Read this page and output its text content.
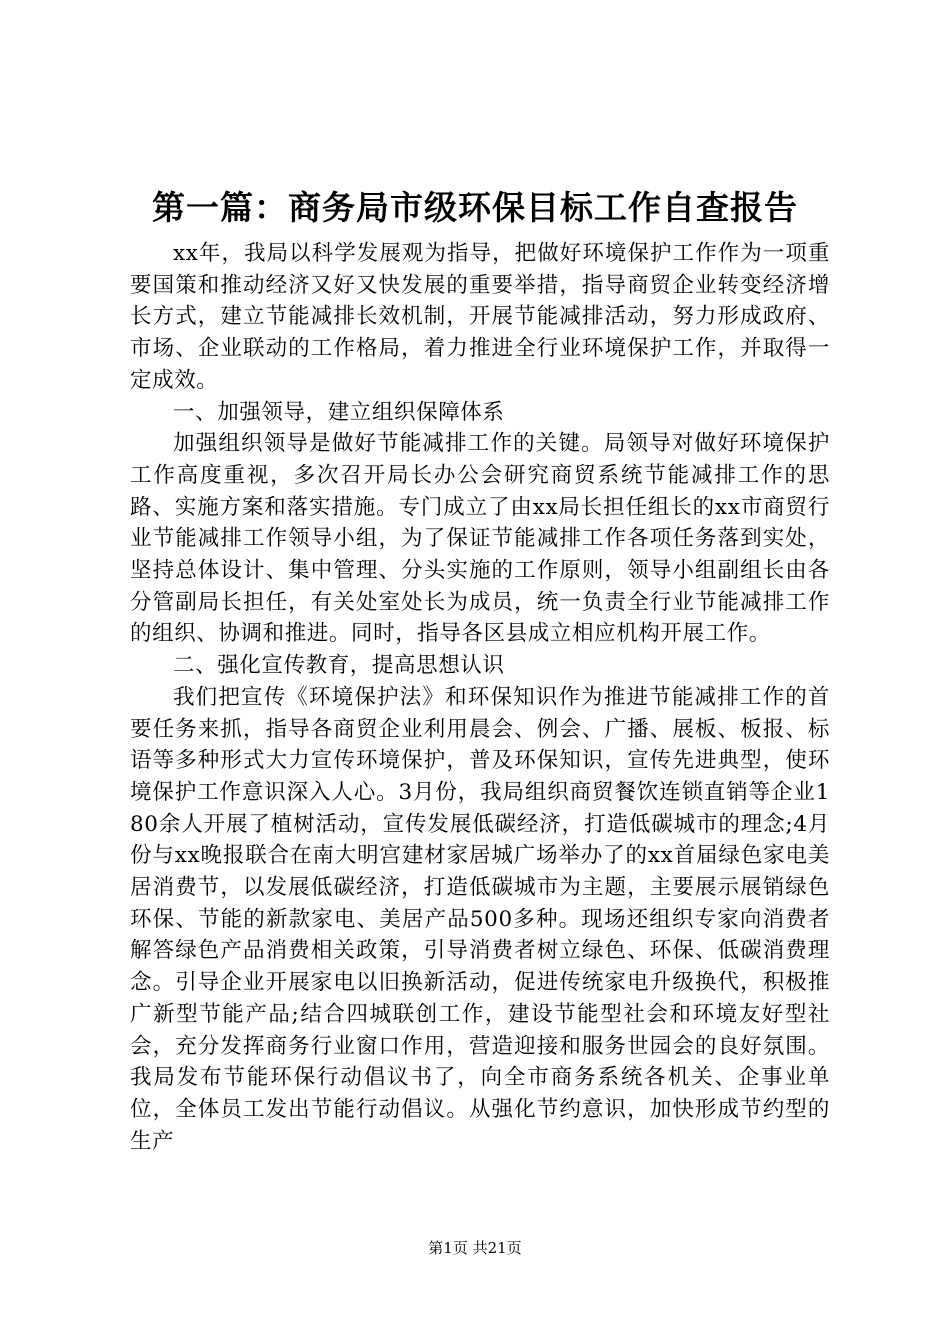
第一篇：商务局市级环保目标工作自查报告

xx年，我局以科学发展观为指导，把做好环境保护工作作为一项重要国策和推动经济又好又快发展的重要举措，指导商贸企业转变经济增长方式，建立节能减排长效机制，开展节能减排活动，努力形成政府、市场、企业联动的工作格局，着力推进全行业环境保护工作，并取得一定成效。

一、加强领导，建立组织保障体系

加强组织领导是做好节能减排工作的关键。局领导对做好环境保护工作高度重视，多次召开局长办公会研究商贸系统节能减排工作的思路、实施方案和落实措施。专门成立了由xx局长担任组长的xx市商贸行业节能减排工作领导小组，为了保证节能减排工作各项任务落到实处，坚持总体设计、集中管理、分头实施的工作原则，领导小组副组长由各分管副局长担任，有关处室处长为成员，统一负责全行业节能减排工作的组织、协调和推进。同时，指导各区县成立相应机构开展工作。

二、强化宣传教育，提高思想认识

我们把宣传《环境保护法》和环保知识作为推进节能减排工作的首要任务来抓，指导各商贸企业利用晨会、例会、广播、展板、板报、标语等多种形式大力宣传环境保护，普及环保知识，宣传先进典型，使环境保护工作意识深入人心。3月份，我局组织商贸餐饮连锁直销等企业180余人开展了植树活动，宣传发展低碳经济，打造低碳城市的理念;4月份与xx晚报联合在南大明宫建材家居城广场举办了的xx首届绿色家电美居消费节，以发展低碳经济，打造低碳城市为主题，主要展示展销绿色环保、节能的新款家电、美居产品500多种。现场还组织专家向消费者解答绿色产品消费相关政策，引导消费者树立绿色、环保、低碳消费理念。引导企业开展家电以旧换新活动，促进传统家电升级换代，积极推广新型节能产品;结合四城联创工作，建设节能型社会和环境友好型社会，充分发挥商务行业窗口作用，营造迎接和服务世园会的良好氛围。我局发布节能环保行动倡议书了，向全市商务系统各机关、企事业单位，全体员工发出节能行动倡议。从强化节约意识，加快形成节约型的生产

第1页 共21页
